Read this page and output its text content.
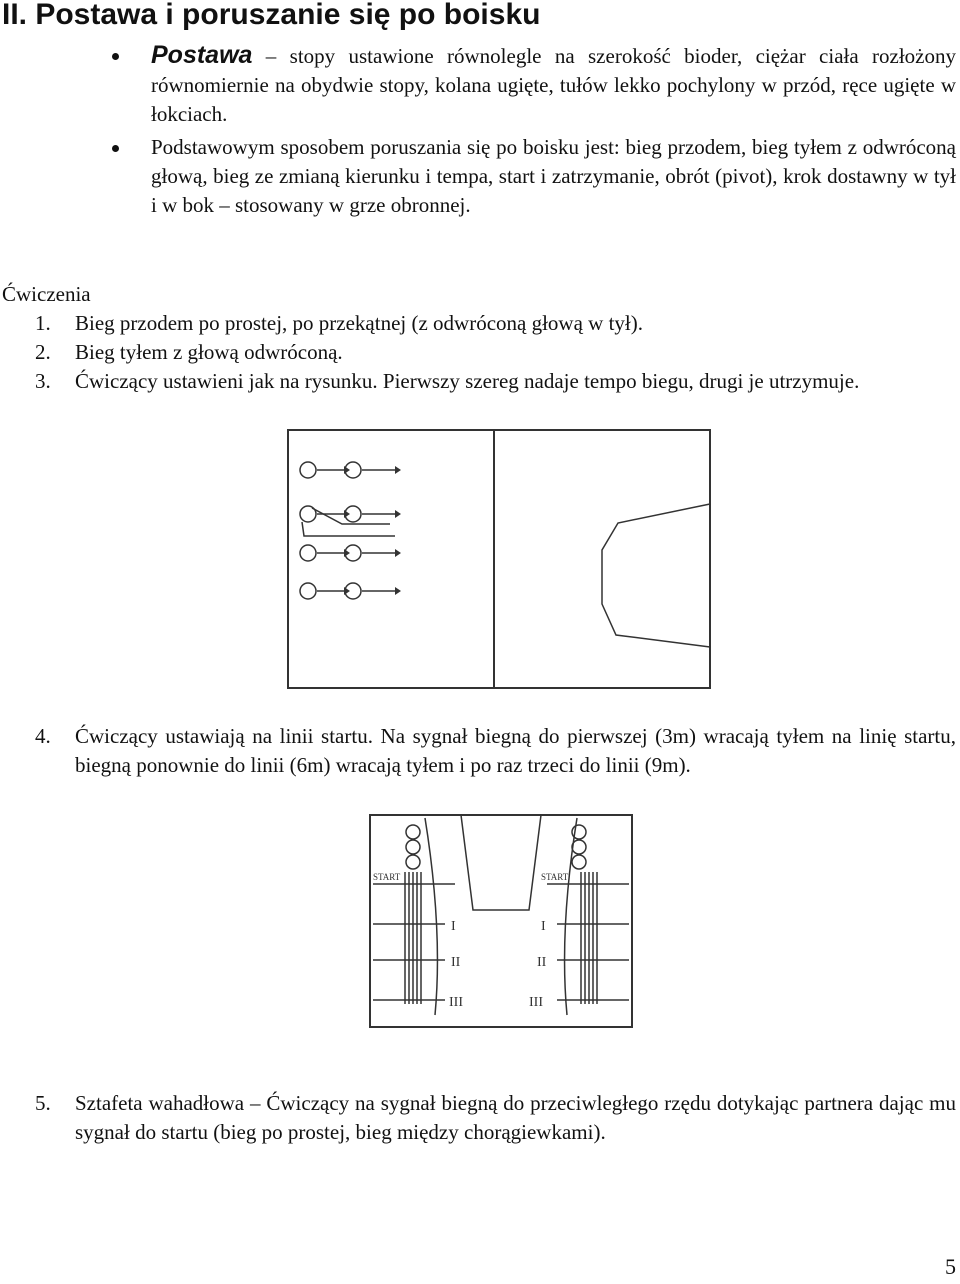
II. Postawa i poruszanie się po boisku
Postawa – stopy ustawione równolegle na szerokość bioder, ciężar ciała rozłożony równomiernie na obydwie stopy, kolana ugięte, tułów lekko pochylony w przód, ręce ugięte w łokciach.
Podstawowym sposobem poruszania się po boisku jest: bieg przodem, bieg tyłem z odwróconą głową, bieg ze zmianą kierunku i tempa, start i zatrzymanie, obrót (pivot), krok dostawny w tył i w bok – stosowany w grze obronnej.

Ćwiczenia

1. Bieg przodem po prostej, po przekątnej (z odwróconą głową w tył).
2. Bieg tyłem z głową odwróconą.
3. Ćwiczący ustawieni jak na rysunku. Pierwszy szereg nadaje tempo biegu, drugi je utrzymuje.
4. Ćwiczący ustawiają na linii startu. Na sygnał biegną do pierwszej (3m) wracają tyłem na linię startu, biegną ponownie do linii (6m) wracają tyłem i po raz trzeci do linii (9m).
START	START
I
II
III
I
II
III
5. Sztafeta wahadłowa – Ćwiczący na sygnał biegną do przeciwległego rzędu dotykając partnera dając mu sygnał do startu (bieg po prostej, bieg między chorągiewkami).
5
